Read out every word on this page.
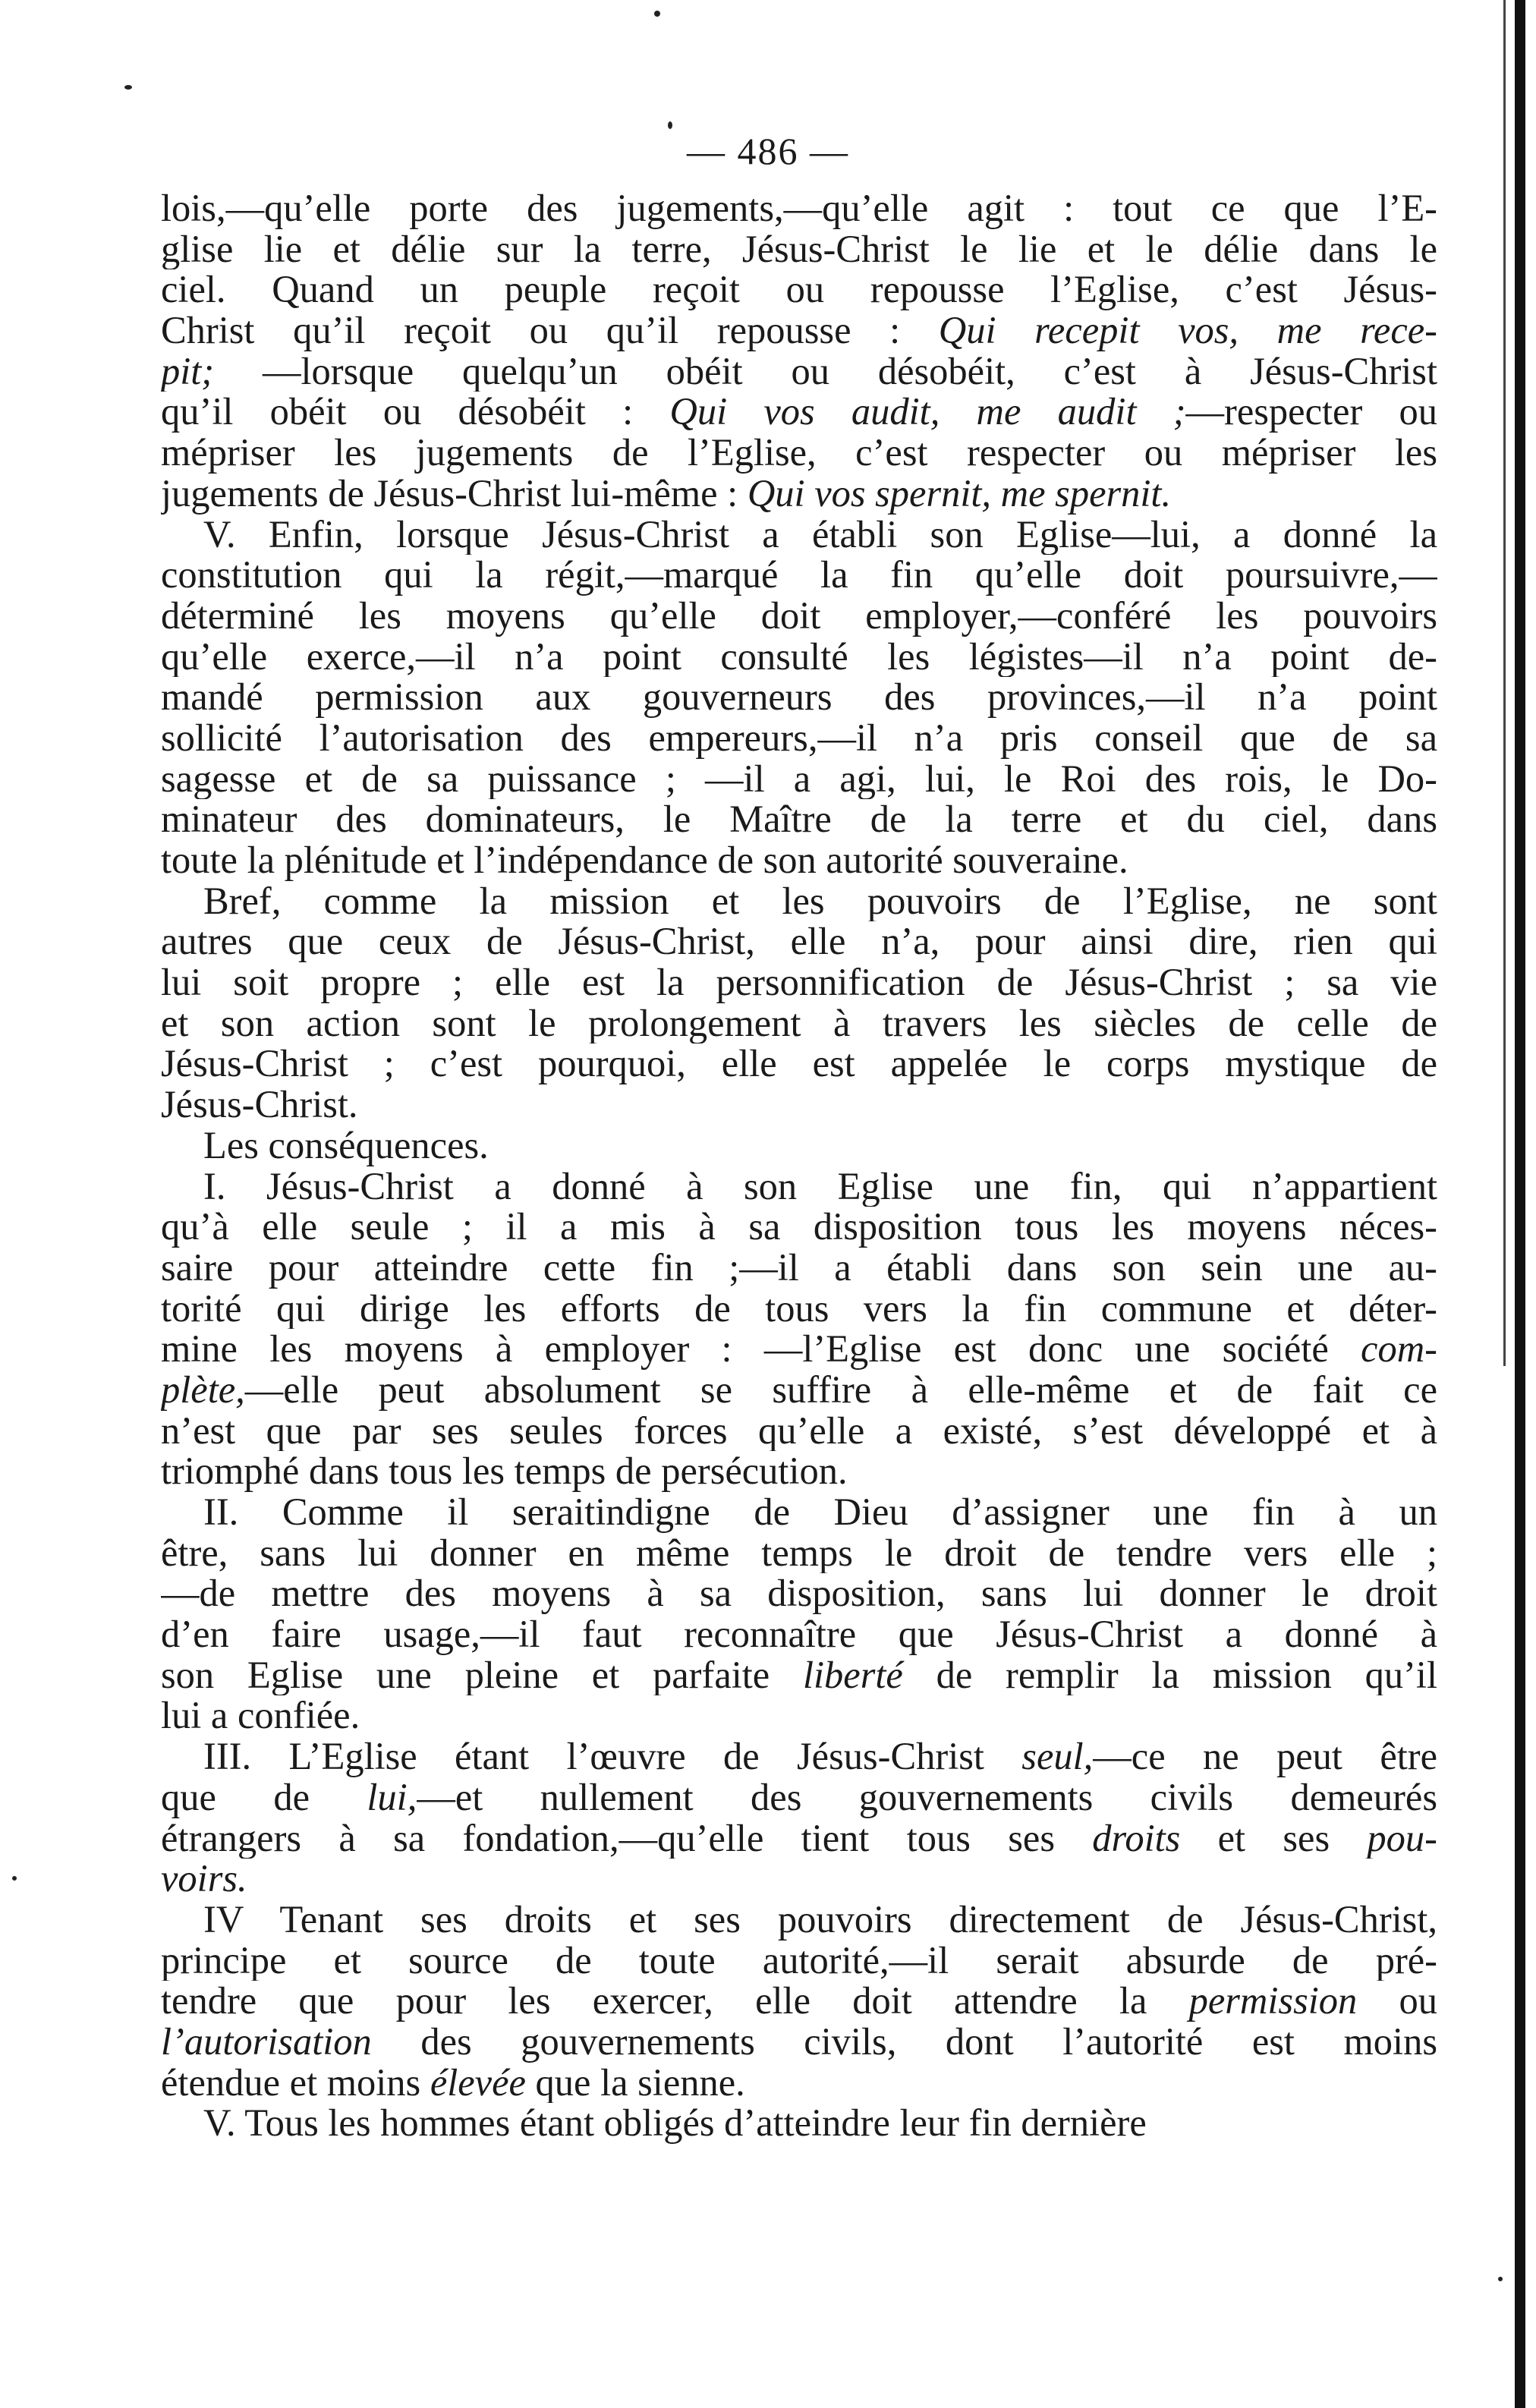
— 486 —
lois,—qu’elle porte des jugements,—qu’elle agit : tout ce que l’E-
glise lie et délie sur la terre, Jésus-Christ le lie et le délie dans le
ciel. Quand un peuple reçoit ou repousse l’Eglise, c’est Jésus-
Christ qu’il reçoit ou qu’il repousse : Qui recepit vos, me rece-
pit; —lorsque quelqu’un obéit ou désobéit, c’est à Jésus-Christ
qu’il obéit ou désobéit : Qui vos audit, me audit ;—respecter ou
mépriser les jugements de l’Eglise, c’est respecter ou mépriser les
jugements de Jésus-Christ lui-même : Qui vos spernit, me spernit.
V. Enfin, lorsque Jésus-Christ a établi son Eglise—lui, a donné la
constitution qui la régit,—marqué la fin qu’elle doit poursuivre,—
déterminé les moyens qu’elle doit employer,—conféré les pouvoirs
qu’elle exerce,—il n’a point consulté les légistes—il n’a point de-
mandé permission aux gouverneurs des provinces,—il n’a point
sollicité l’autorisation des empereurs,—il n’a pris conseil que de sa
sagesse et de sa puissance ; —il a agi, lui, le Roi des rois, le Do-
minateur des dominateurs, le Maître de la terre et du ciel, dans
toute la plénitude et l’indépendance de son autorité souveraine.
Bref, comme la mission et les pouvoirs de l’Eglise, ne sont
autres que ceux de Jésus-Christ, elle n’a, pour ainsi dire, rien qui
lui soit propre ; elle est la personnification de Jésus-Christ ; sa vie
et son action sont le prolongement à travers les siècles de celle de
Jésus-Christ ; c’est pourquoi, elle est appelée le corps mystique de
Jésus-Christ.
Les conséquences.
I. Jésus-Christ a donné à son Eglise une fin, qui n’appartient
qu’à elle seule ; il a mis à sa disposition tous les moyens néces-
saire pour atteindre cette fin ;—il a établi dans son sein une au-
torité qui dirige les efforts de tous vers la fin commune et déter-
mine les moyens à employer : —l’Eglise est donc une société com-
plète,—elle peut absolument se suffire à elle-même et de fait ce
n’est que par ses seules forces qu’elle a existé, s’est développé et à
triomphé dans tous les temps de persécution.
II. Comme il seraitindigne de Dieu d’assigner une fin à un
être, sans lui donner en même temps le droit de tendre vers elle ;
—de mettre des moyens à sa disposition, sans lui donner le droit
d’en faire usage,—il faut reconnaître que Jésus-Christ a donné à
son Eglise une pleine et parfaite liberté de remplir la mission qu’il
lui a confiée.
III. L’Eglise étant l’œuvre de Jésus-Christ seul,—ce ne peut être
que de lui,—et nullement des gouvernements civils demeurés
étrangers à sa fondation,—qu’elle tient tous ses droits et ses pou-
voirs.
IV Tenant ses droits et ses pouvoirs directement de Jésus-Christ,
principe et source de toute autorité,—il serait absurde de pré-
tendre que pour les exercer, elle doit attendre la permission ou
l’autorisation des gouvernements civils, dont l’autorité est moins
étendue et moins élevée que la sienne.
V. Tous les hommes étant obligés d’atteindre leur fin dernière
